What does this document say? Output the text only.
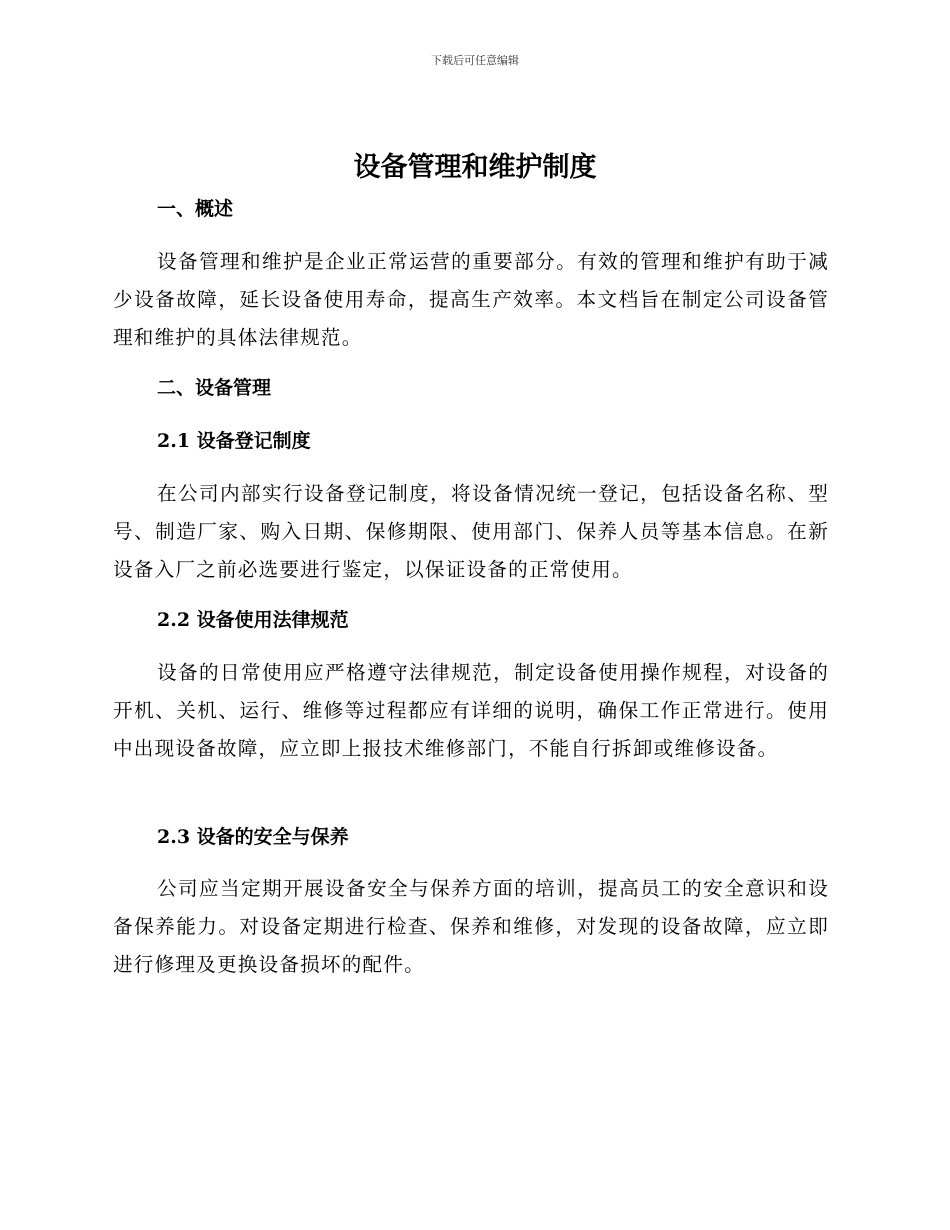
下载后可任意编辑
设备管理和维护制度
一、概述

设备管理和维护是企业正常运营的重要部分。有效的管理和维护有助于减少设备故障，延长设备使用寿命，提高生产效率。本文档旨在制定公司设备管理和维护的具体法律规范。

二、设备管理
2.1 设备登记制度

在公司内部实行设备登记制度，将设备情况统一登记，包括设备名称、型号、制造厂家、购入日期、保修期限、使用部门、保养人员等基本信息。在新设备入厂之前必选要进行鉴定，以保证设备的正常使用。

2.2 设备使用法律规范

设备的日常使用应严格遵守法律规范，制定设备使用操作规程，对设备的开机、关机、运行、维修等过程都应有详细的说明，确保工作正常进行。使用中出现设备故障，应立即上报技术维修部门，不能自行拆卸或维修设备。

2.3 设备的安全与保养

公司应当定期开展设备安全与保养方面的培训，提高员工的安全意识和设备保养能力。对设备定期进行检查、保养和维修，对发现的设备故障，应立即进行修理及更换设备损坏的配件。
